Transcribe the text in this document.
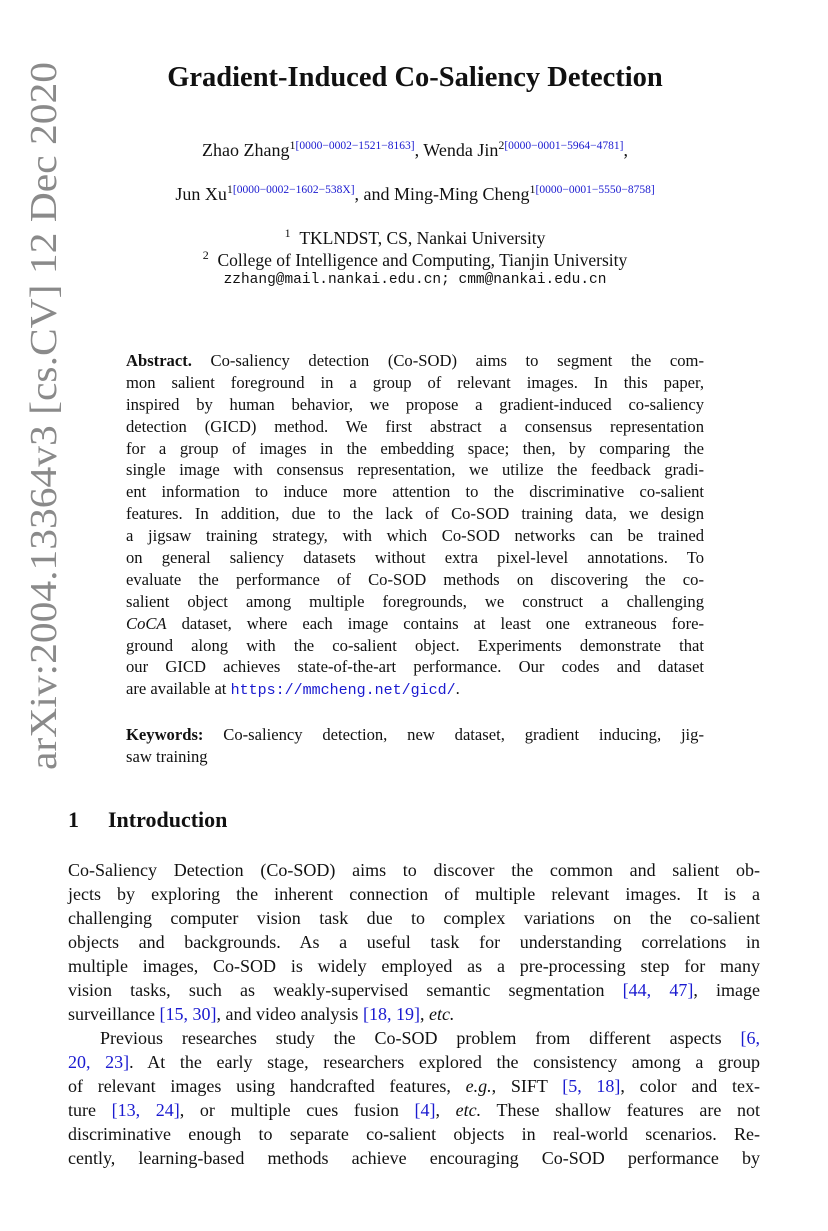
arXiv:2004.13364v3 [cs.CV] 12 Dec 2020
Gradient-Induced Co-Saliency Detection
Zhao Zhang$^{1[0000-0002-1521-8163]}$, Wenda Jin$^{2[0000-0001-5964-4781]}$,
Jun $Xu^{1[0000-0002-1602-538X]}$, and Ming-Ming Cheng$^{1[0000-0001-5550-8758]}$
$^1$ TKLNDST, CS, Nankai University
$^2$ College of Intelligence and Computing, Tianjin University
zzhang@mail.nankai.edu.cn; cmm@nankai.edu.cn
Abstract. Co-saliency detection (Co-SOD) aims to segment the com-
mon salient foreground in a group of relevant images. In this paper,
inspired by human behavior, we propose a gradient-induced co-saliency
detection (GICD) method. We first abstract a consensus representation
for a group of images in the embedding space; then, by comparing the
single image with consensus representation, we utilize the feedback gradi-
ent information to induce more attention to the discriminative co-salient
features. In addition, due to the lack of Co-SOD training data, we design
a jigsaw training strategy, with which Co-SOD networks can be trained
on general saliency datasets without extra pixel-level annotations. To
evaluate the performance of Co-SOD methods on discovering the co-
salient object among multiple foregrounds, we construct a challenging
CoCA dataset, where each image contains at least one extraneous fore-
ground along with the co-salient object. Experiments demonstrate that
our GICD achieves state-of-the-art performance. Our codes and dataset
are available at https://mmcheng.net/gicd/.
Keywords: Co-saliency detection, new dataset, gradient inducing, jig-
saw training
1 Introduction
Co-Saliency Detection (Co-SOD) aims to discover the common and salient ob-
jects by exploring the inherent connection of multiple relevant images. It is a
challenging computer vision task due to complex variations on the co-salient
objects and backgrounds. As a useful task for understanding correlations in
multiple images, Co-SOD is widely employed as a pre-processing step for many
vision tasks, such as weakly-supervised semantic segmentation [44, 47], image
surveillance [15, 30], and video analysis [18, 19], etc.
Previous researches study the Co-SOD problem from different aspects [6,
20, 23]. At the early stage, researchers explored the consistency among a group
of relevant images using handcrafted features, e.g., SIFT [5, 18], color and tex-
ture [13, 24], or multiple cues fusion [4], etc. These shallow features are not
discriminative enough to separate co-salient objects in real-world scenarios. Re-
cently, learning-based methods achieve encouraging Co-SOD performance by
